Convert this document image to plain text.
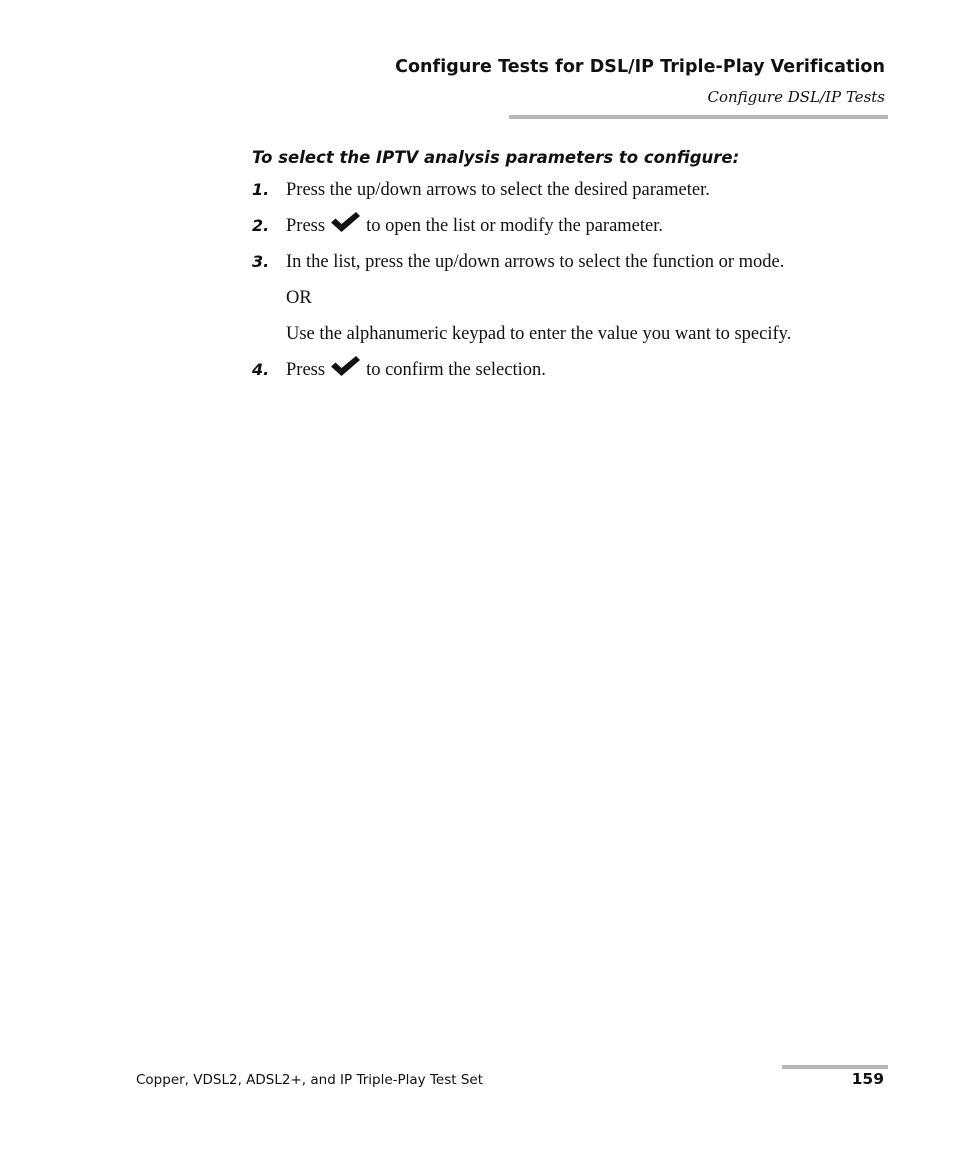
Configure Tests for DSL/IP Triple-Play Verification
Configure DSL/IP Tests
To select the IPTV analysis parameters to configure:
1. Press the up/down arrows to select the desired parameter.
2. Press to open the list or modify the parameter.
3. In the list, press the up/down arrows to select the function or mode.
OR
Use the alphanumeric keypad to enter the value you want to specify.
4. Press to confirm the selection.
Copper, VDSL2, ADSL2+, and IP Triple-Play Test Set	159
